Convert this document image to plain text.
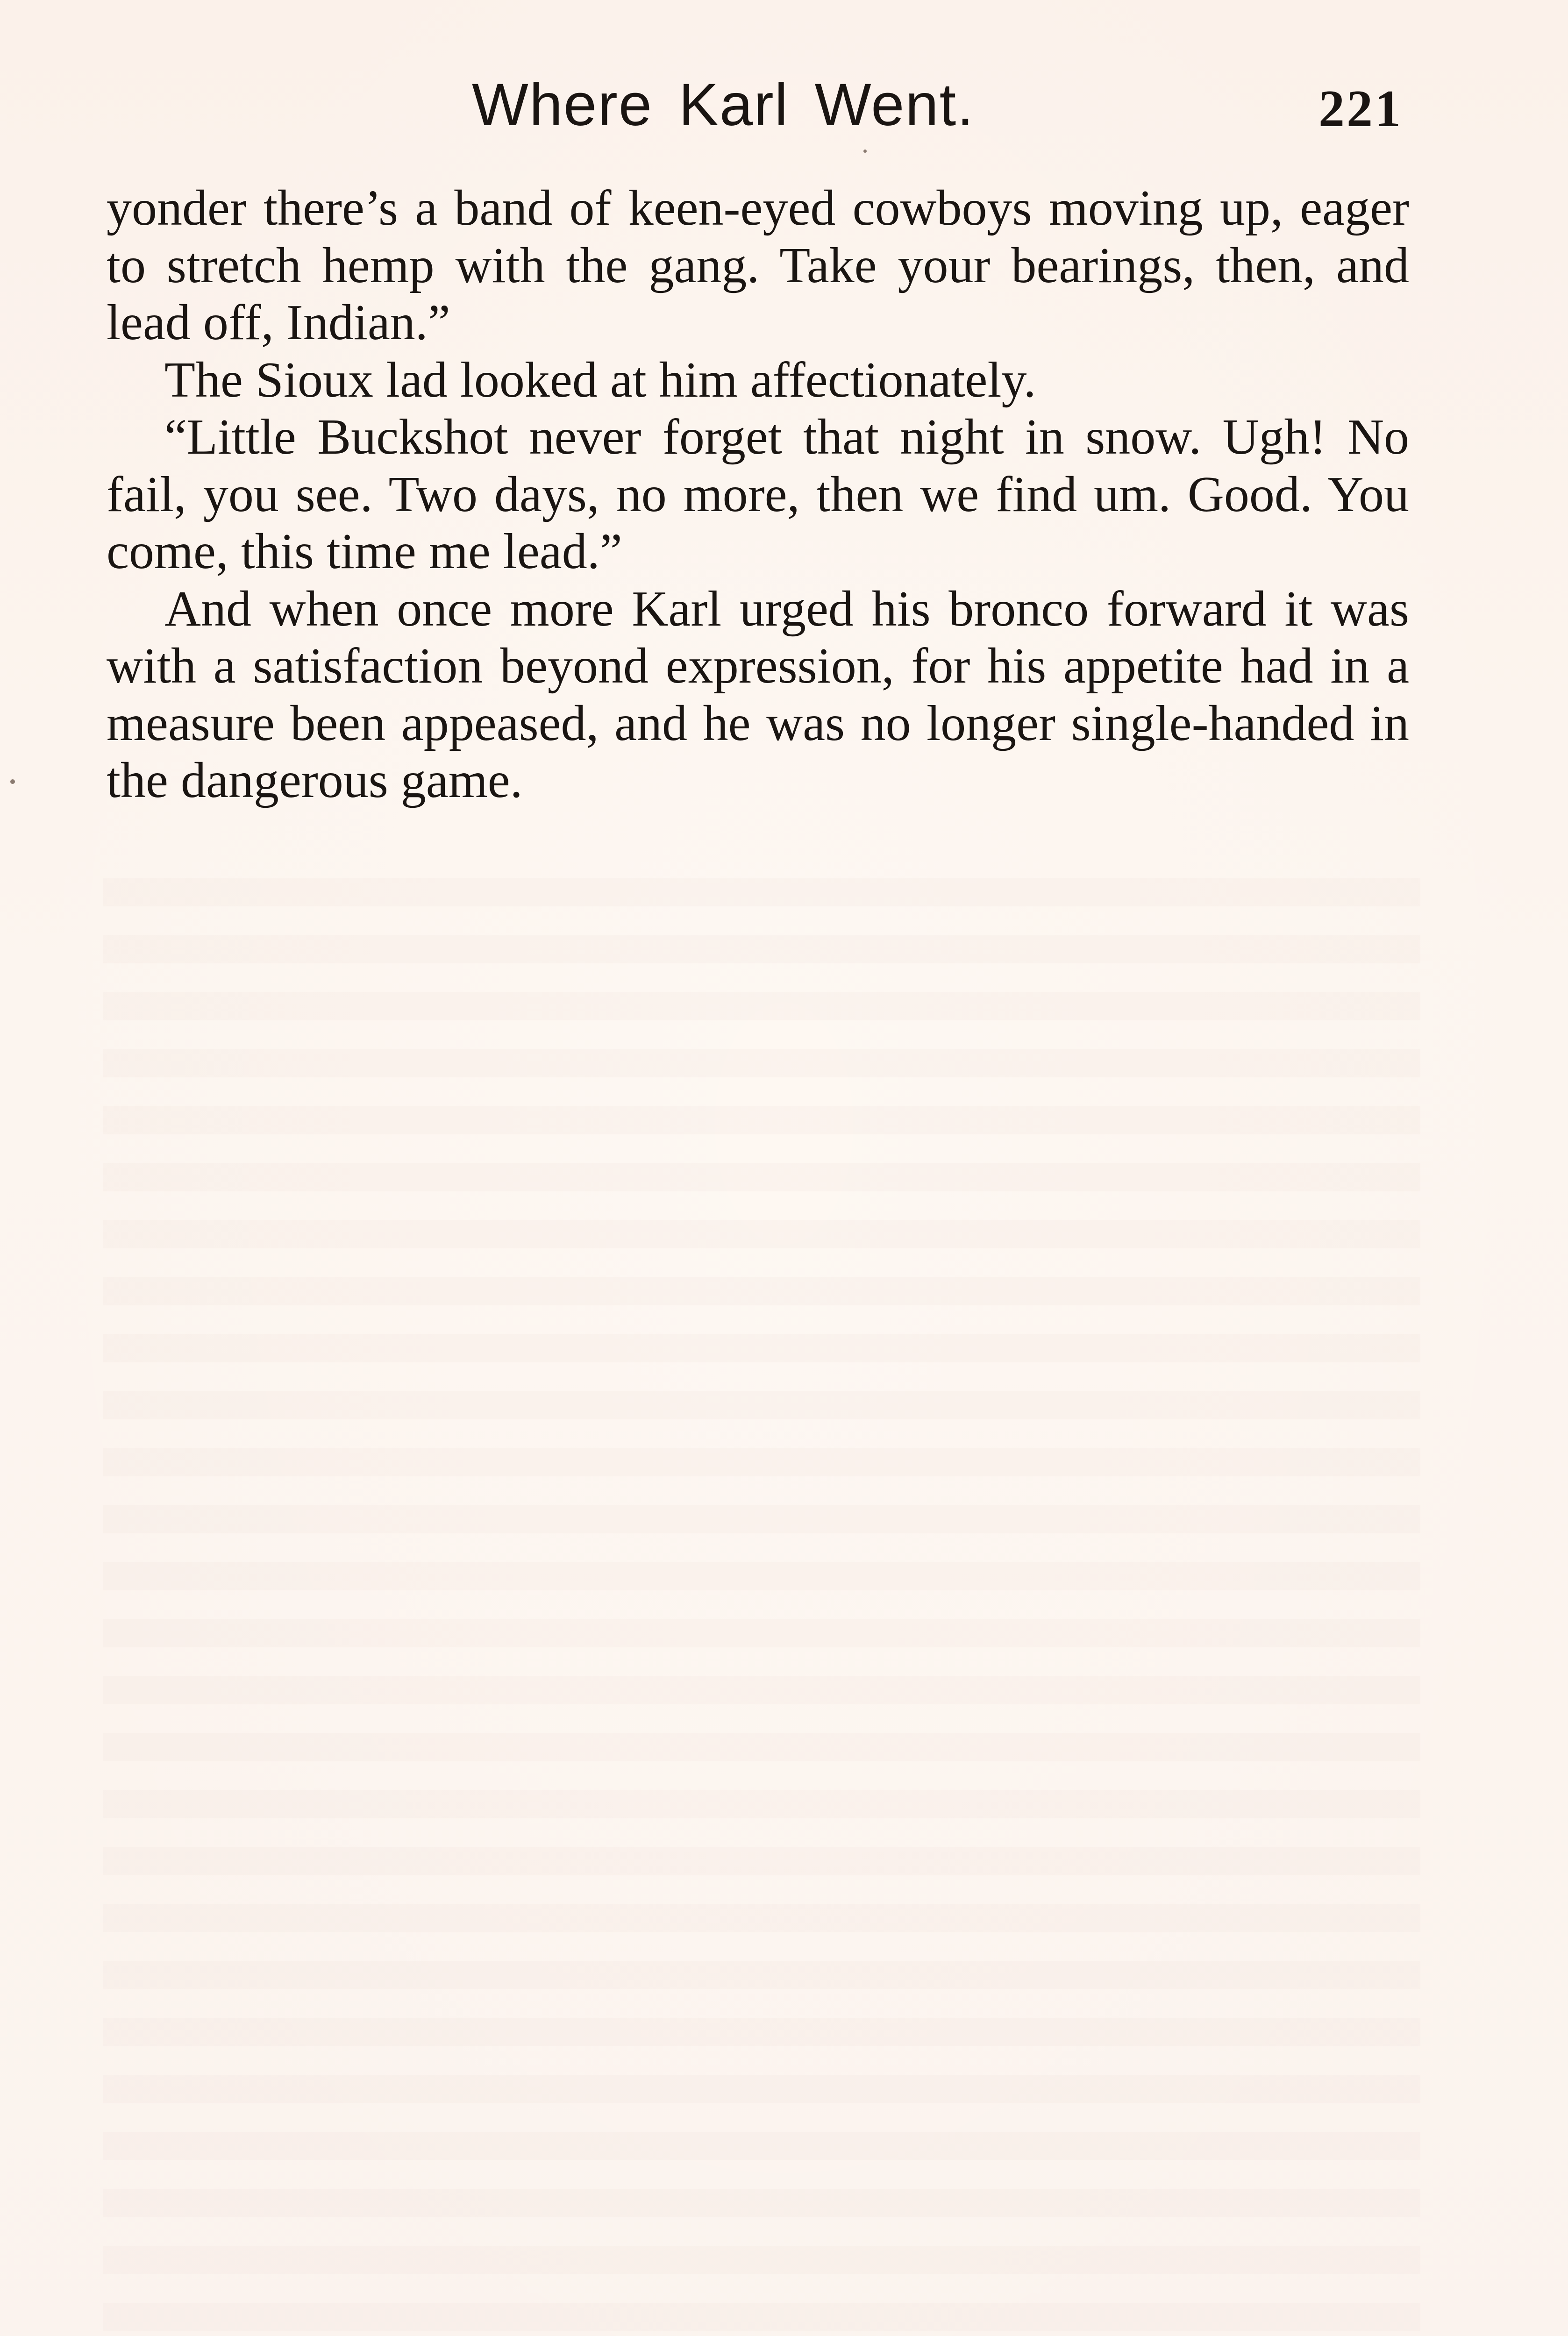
Where Karl Went.	221

yonder there’s a band of keen-eyed cowboys moving up, eager to stretch hemp with the gang. Take your bearings, then, and lead off, Indian.”

The Sioux lad looked at him affectionately.

“Little Buckshot never forget that night in snow. Ugh! No fail, you see. Two days, no more, then we find um. Good. You come, this time me lead.”

And when once more Karl urged his bronco forward it was with a satisfaction beyond expression, for his appetite had in a measure been appeased, and he was no longer single-handed in the dangerous game.
